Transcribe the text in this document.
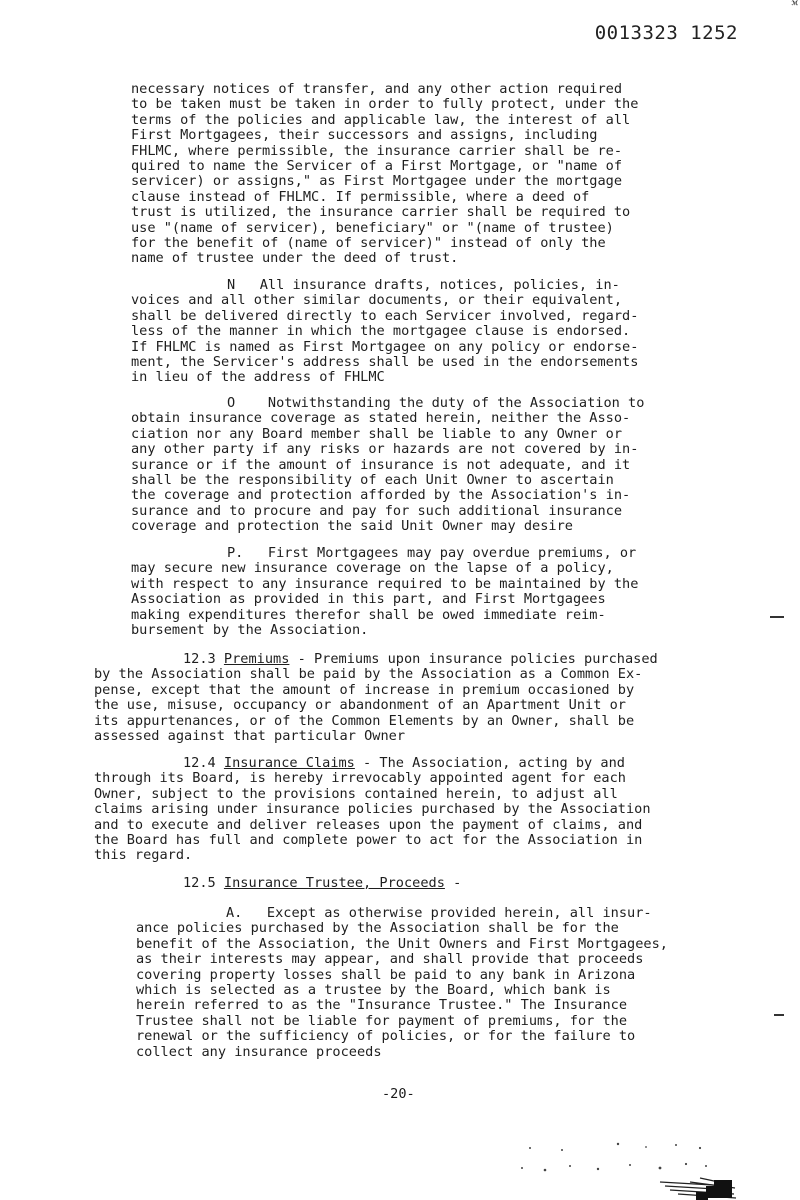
ℳ
0013323 1252
necessary notices of transfer, and any other action required
to be taken must be taken in order to fully protect, under the
terms of the policies and applicable law, the interest of all
First Mortgagees, their successors and assigns, including
FHLMC, where permissible, the insurance carrier shall be re-
quired to name the Servicer of a First Mortgage, or "name of
servicer) or assigns," as First Mortgagee under the mortgage
clause instead of FHLMC. If permissible, where a deed of
trust is utilized, the insurance carrier shall be required to
use "(name of servicer), beneficiary" or "(name of trustee)
for the benefit of (name of servicer)" instead of only the
name of trustee under the deed of trust.
N   All insurance drafts, notices, policies, in-
voices and all other similar documents, or their equivalent,
shall be delivered directly to each Servicer involved, regard-
less of the manner in which the mortgagee clause is endorsed.
If FHLMC is named as First Mortgagee on any policy or endorse-
ment, the Servicer's address shall be used in the endorsements
in lieu of the address of FHLMC
O    Notwithstanding the duty of the Association to
obtain insurance coverage as stated herein, neither the Asso-
ciation nor any Board member shall be liable to any Owner or
any other party if any risks or hazards are not covered by in-
surance or if the amount of insurance is not adequate, and it
shall be the responsibility of each Unit Owner to ascertain
the coverage and protection afforded by the Association's in-
surance and to procure and pay for such additional insurance
coverage and protection the said Unit Owner may desire
P.   First Mortgagees may pay overdue premiums, or
may secure new insurance coverage on the lapse of a policy,
with respect to any insurance required to be maintained by the
Association as provided in this part, and First Mortgagees
making expenditures therefor shall be owed immediate reim-
bursement by the Association.
12.3 Premiums - Premiums upon insurance policies purchased
by the Association shall be paid by the Association as a Common Ex-
pense, except that the amount of increase in premium occasioned by
the use, misuse, occupancy or abandonment of an Apartment Unit or
its appurtenances, or of the Common Elements by an Owner, shall be
assessed against that particular Owner
12.4 Insurance Claims - The Association, acting by and
through its Board, is hereby irrevocably appointed agent for each
Owner, subject to the provisions contained herein, to adjust all
claims arising under insurance policies purchased by the Association
and to execute and deliver releases upon the payment of claims, and
the Board has full and complete power to act for the Association in
this regard.
12.5 Insurance Trustee, Proceeds -
A.   Except as otherwise provided herein, all insur-
ance policies purchased by the Association shall be for the
benefit of the Association, the Unit Owners and First Mortgagees,
as their interests may appear, and shall provide that proceeds
covering property losses shall be paid to any bank in Arizona
which is selected as a trustee by the Board, which bank is
herein referred to as the "Insurance Trustee." The Insurance
Trustee shall not be liable for payment of premiums, for the
renewal or the sufficiency of policies, or for the failure to
collect any insurance proceeds
-20-
